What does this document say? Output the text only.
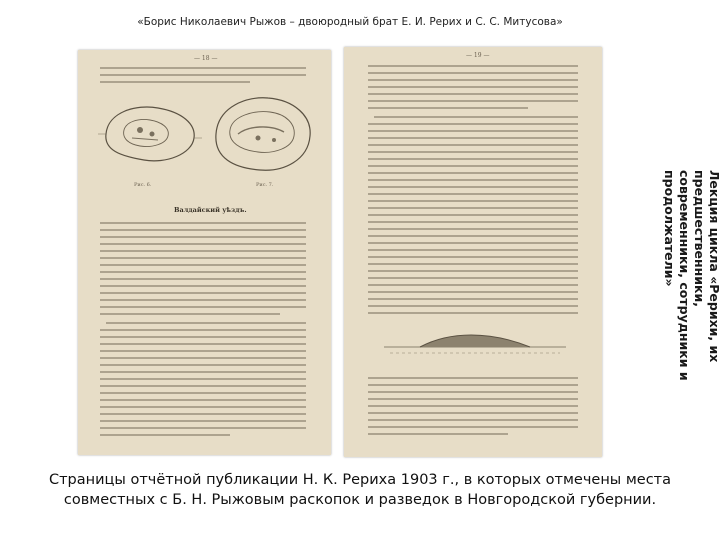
«Борис Николаевич Рыжов – двоюродный брат Е. И. Рерих и С. С. Митусова»
— 18 —
Рис. 6.	Рис. 7.
Валдайский уѣздъ.
— 19 —
Лекция цикла «Рерихи, их предшественники, современники, сотрудники и продолжатели»
Страницы отчётной публикации Н. К. Рериха 1903 г., в которых отмечены места совместных с Б. Н. Рыжовым раскопок и разведок в Новгородской губернии.
